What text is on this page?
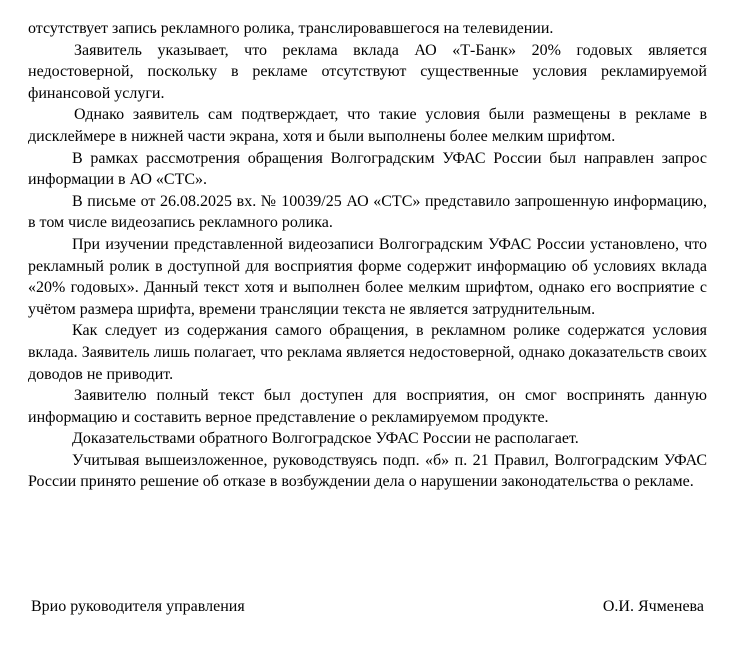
отсутствует запись рекламного ролика, транслировавшегося на телевидении.

Заявитель указывает, что реклама вклада АО «Т-Банк» 20% годовых является недостоверной, поскольку в рекламе отсутствуют существенные условия рекламируемой финансовой услуги.

Однако заявитель сам подтверждает, что такие условия были размещены в рекламе в дисклеймере в нижней части экрана, хотя и были выполнены более мелким шрифтом.

В рамках рассмотрения обращения Волгоградским УФАС России был направлен запрос информации в АО «СТС».

В письме от 26.08.2025 вх. № 10039/25 АО «СТС» представило запрошенную информацию, в том числе видеозапись рекламного ролика.

При изучении представленной видеозаписи Волгоградским УФАС России установлено, что рекламный ролик в доступной для восприятия форме содержит информацию об условиях вклада «20% годовых». Данный текст хотя и выполнен более мелким шрифтом, однако его восприятие с учётом размера шрифта, времени трансляции текста не является затруднительным.

Как следует из содержания самого обращения, в рекламном ролике содержатся условия вклада. Заявитель лишь полагает, что реклама является недостоверной, однако доказательств своих доводов не приводит.

Заявителю полный текст был доступен для восприятия, он смог воспринять данную информацию и составить верное представление о рекламируемом продукте.

Доказательствами обратного Волгоградское УФАС России не располагает.

Учитывая вышеизложенное, руководствуясь подп. «б» п. 21 Правил, Волгоградским УФАС России принято решение об отказе в возбуждении дела о нарушении законодательства о рекламе.

Врио руководителя управления	О.И. Ячменева
